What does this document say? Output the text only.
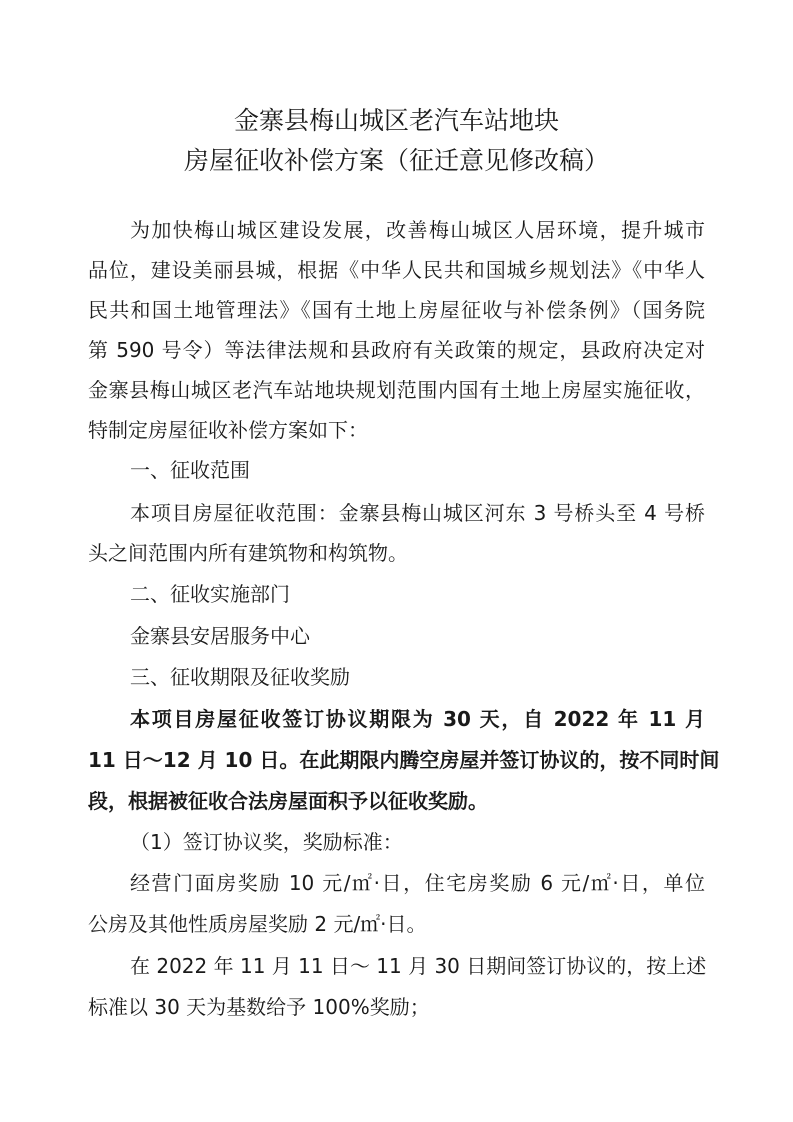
金寨县梅山城区老汽车站地块
房屋征收补偿方案（征迁意见修改稿）

为加快梅山城区建设发展，改善梅山城区人居环境，提升城市

品位，建设美丽县城，根据《中华人民共和国城乡规划法》《中华人

民共和国土地管理法》《国有土地上房屋征收与补偿条例》（国务院

第 590 号令）等法律法规和县政府有关政策的规定，县政府决定对

金寨县梅山城区老汽车站地块规划范围内国有土地上房屋实施征收，

特制定房屋征收补偿方案如下：

一、征收范围

本项目房屋征收范围：金寨县梅山城区河东 3 号桥头至 4 号桥

头之间范围内所有建筑物和构筑物。

二、征收实施部门

金寨县安居服务中心

三、征收期限及征收奖励

本项目房屋征收签订协议期限为 30 天，自 2022 年 11 月

11 日～12 月 10 日。在此期限内腾空房屋并签订协议的，按不同时间

段，根据被征收合法房屋面积予以征收奖励。

（1）签订协议奖，奖励标准：

经营门面房奖励 10 元/㎡·日，住宅房奖励 6 元/㎡·日，单位

公房及其他性质房屋奖励 2 元/㎡·日。

在 2022 年 11 月 11 日～ 11 月 30 日期间签订协议的，按上述

标准以 30 天为基数给予 100%奖励；
